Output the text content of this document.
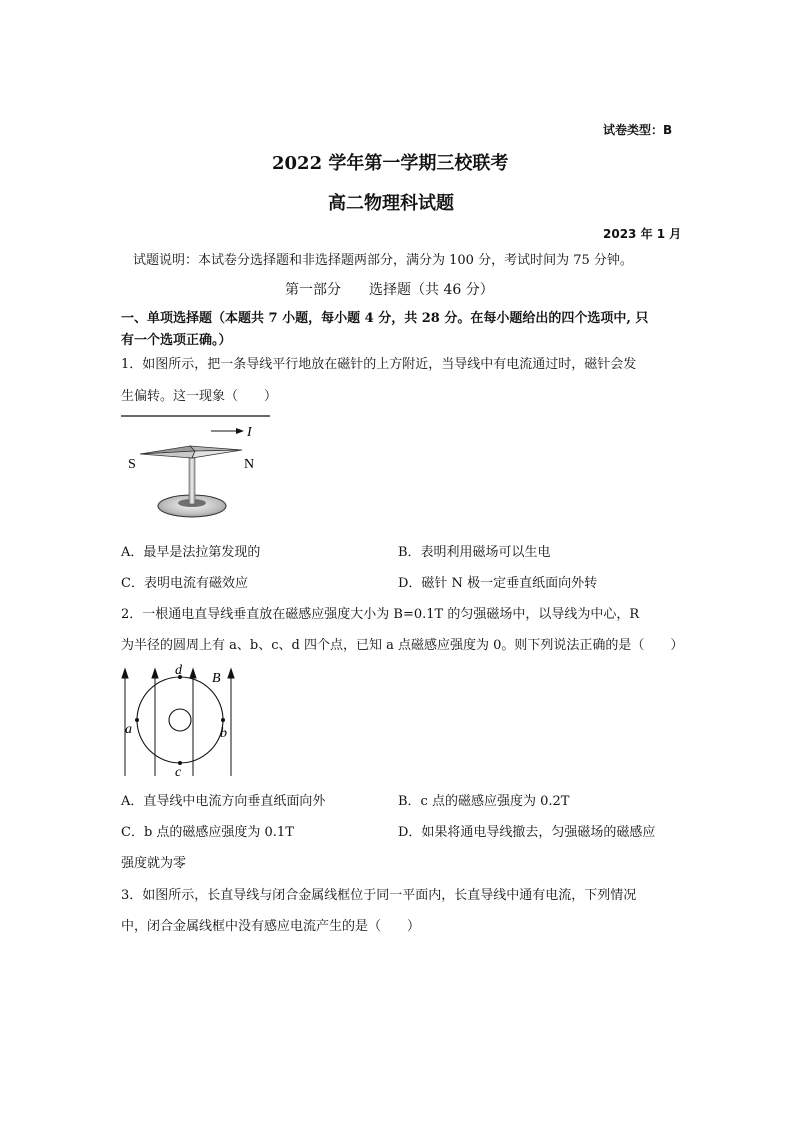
试卷类型：B
2022 学年第一学期三校联考
高二物理科试题
2023 年 1 月
试题说明：本试卷分选择题和非选择题两部分，满分为 100 分，考试时间为 75 分钟。
第一部分　　选择题（共 46 分）
一、单项选择题（本题共 7 小题，每小题 4 分，共 28 分。在每小题给出的四个选项中, 只
有一个选项正确。）
1．如图所示，把一条导线平行地放在磁针的上方附近，当导线中有电流通过时，磁针会发
生偏转。这一现象（　　）
I
S	N
A．最早是法拉第发现的	B．表明利用磁场可以生电
C．表明电流有磁效应	D．磁针 N 极一定垂直纸面向外转
2．一根通电直导线垂直放在磁感应强度大小为 B=0.1T 的匀强磁场中，以导线为中心，R
为半径的圆周上有 a、b、c、d 四个点，已知 a 点磁感应强度为 0。则下列说法正确的是（　　）
a	b
c
d
B
A．直导线中电流方向垂直纸面向外	B．c 点的磁感应强度为 0.2T
C．b 点的磁感应强度为 0.1T	D．如果将通电导线撤去，匀强磁场的磁感应
强度就为零
3．如图所示，长直导线与闭合金属线框位于同一平面内，长直导线中通有电流，下列情况
中，闭合金属线框中没有感应电流产生的是（　　）
